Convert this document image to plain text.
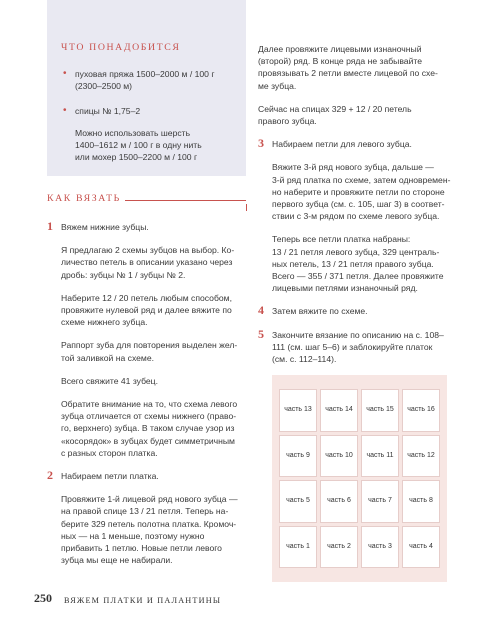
ЧТО ПОНАДОБИТСЯ
• пуховая пряжа 1500–2000 м / 100 г
(2300–2500 м)
• спицы № 1,75–2
Можно использовать шерсть
1400–1612 м / 100 г в одну нить
или мохер 1500–2200 м / 100 г
КАК ВЯЗАТЬ
1 Вяжем нижние зубцы.
Я предлагаю 2 схемы зубцов на выбор. Ко-
личество петель в описании указано через
дробь: зубцы № 1 / зубцы № 2.
Наберите 12 / 20 петель любым способом,
провяжите нулевой ряд и далее вяжите по
схеме нижнего зубца.
Раппорт зуба для повторения выделен жел-
той заливкой на схеме.
Всего свяжите 41 зубец.
Обратите внимание на то, что схема левого
зубца отличается от схемы нижнего (право-
го, верхнего) зубца. В таком случае узор из
«косорядок» в зубцах будет симметричным
с разных сторон платка.
2 Набираем петли платка.
Провяжите 1-й лицевой ряд нового зубца —
на правой спице 13 / 21 петля. Теперь на-
берите 329 петель полотна платка. Кромоч-
ных — на 1 меньше, поэтому нужно
прибавить 1 петлю. Новые петли левого
зубца мы еще не набирали.
Далее провяжите лицевыми изнаночный
(второй) ряд. В конце ряда не забывайте
провязывать 2 петли вместе лицевой по схе-
ме зубца.
Сейчас на спицах 329 + 12 / 20 петель
правого зубца.
3 Набираем петли для левого зубца.
Вяжите 3-й ряд нового зубца, дальше —
3-й ряд платка по схеме, затем одновремен-
но наберите и провяжите петли по стороне
первого зубца (см. с. 105, шаг 3) в соответ-
ствии с 3-м рядом по схеме левого зубца.
Теперь все петли платка набраны:
13 / 21 петля левого зубца, 329 централь-
ных петель, 13 / 21 петля правого зубца.
Всего — 355 / 371 петля. Далее провяжите
лицевыми петлями изнаночный ряд.
4 Затем вяжите по схеме.
5 Закончите вязание по описанию на с. 108–
111 (см. шаг 5–6) и заблокируйте платок
(см. с. 112–114).
часть 13	часть 14	часть 15	часть 16
часть 9	часть 10	часть 11	часть 12
часть 5	часть 6	часть 7	часть 8
часть 1	часть 2	часть 3	часть 4
250 ВЯЖЕМ ПЛАТКИ И ПАЛАНТИНЫ
